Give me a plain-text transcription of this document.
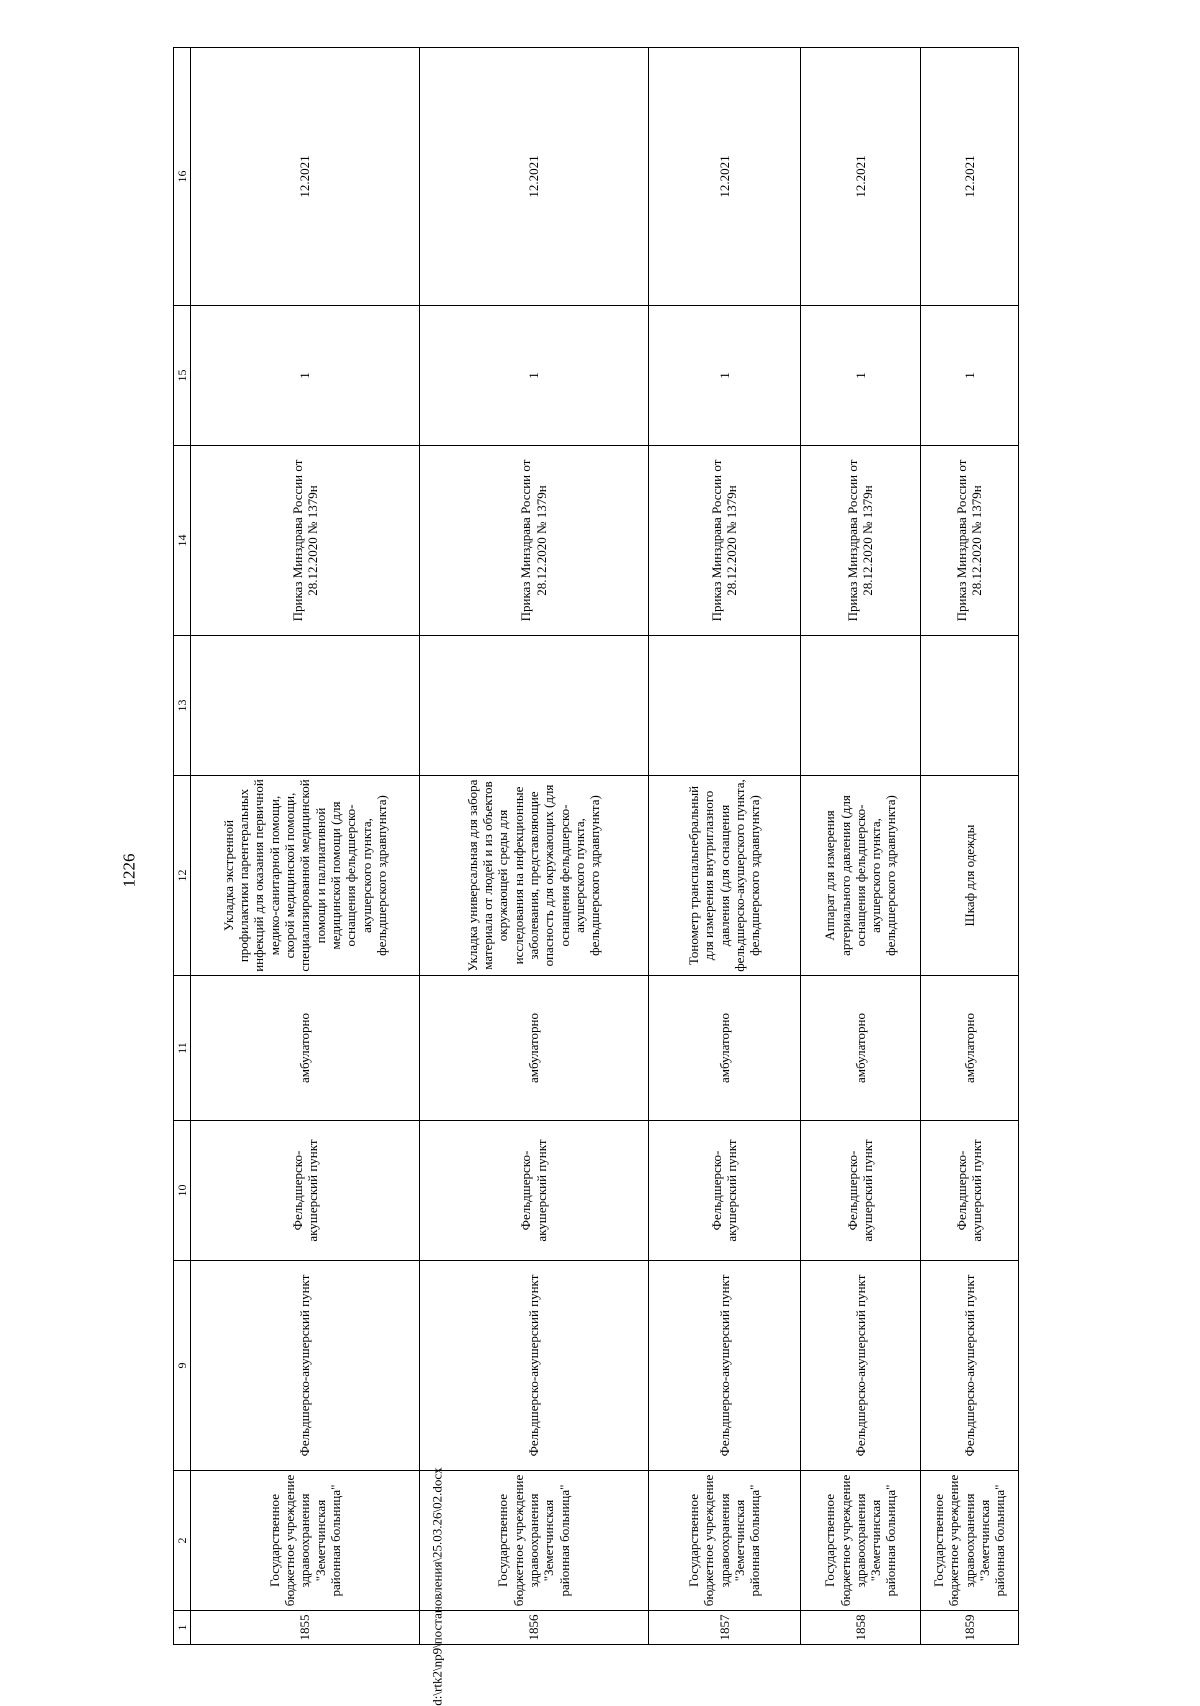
1226
1	2	9	10	11	12	13	14	15	16
1855	Государственное бюджетное учреждение здравоохранения "Земетчинская районная больница"	Фельдшерско-акушерский пункт	Фельдшерско-акушерский пункт	амбулаторно	Укладка экстренной профилактики парентеральных инфекций для оказания первичной медико-санитарной помощи, скорой медицинской помощи, специализированной медицинской помощи и паллиативной медицинской помощи (для оснащения фельдшерско-акушерского пункта, фельдшерского здравпункта)		Приказ Минздрава России от 28.12.2020 № 1379н	1	12.2021
1856	Государственное бюджетное учреждение здравоохранения "Земетчинская районная больница"	Фельдшерско-акушерский пункт	Фельдшерско-акушерский пункт	амбулаторно	Укладка универсальная для забора материала от людей и из объектов окружающей среды для исследования на инфекционные заболевания, представляющие опасность для окружающих (для оснащения фельдшерско-акушерского пункта, фельдшерского здравпункта)		Приказ Минздрава России от 28.12.2020 № 1379н	1	12.2021
1857	Государственное бюджетное учреждение здравоохранения "Земетчинская районная больница"	Фельдшерско-акушерский пункт	Фельдшерско-акушерский пункт	амбулаторно	Тонометр транспальпебральный для измерения внутриглазного давления (для оснащения фельдшерско-акушерского пункта, фельдшерского здравпункта)		Приказ Минздрава России от 28.12.2020 № 1379н	1	12.2021
1858	Государственное бюджетное учреждение здравоохранения "Земетчинская районная больница"	Фельдшерско-акушерский пункт	Фельдшерско-акушерский пункт	амбулаторно	Аппарат для измерения артериального давления (для оснащения фельдшерско-акушерского пункта, фельдшерского здравпункта)		Приказ Минздрава России от 28.12.2020 № 1379н	1	12.2021
1859	Государственное бюджетное учреждение здравоохранения "Земетчинская районная больница"	Фельдшерско-акушерский пункт	Фельдшерско-акушерский пункт	амбулаторно	Шкаф для одежды		Приказ Минздрава России от 28.12.2020 № 1379н	1	12.2021
d:\rtk2\np9\постановления\25.03.26\02.docx
